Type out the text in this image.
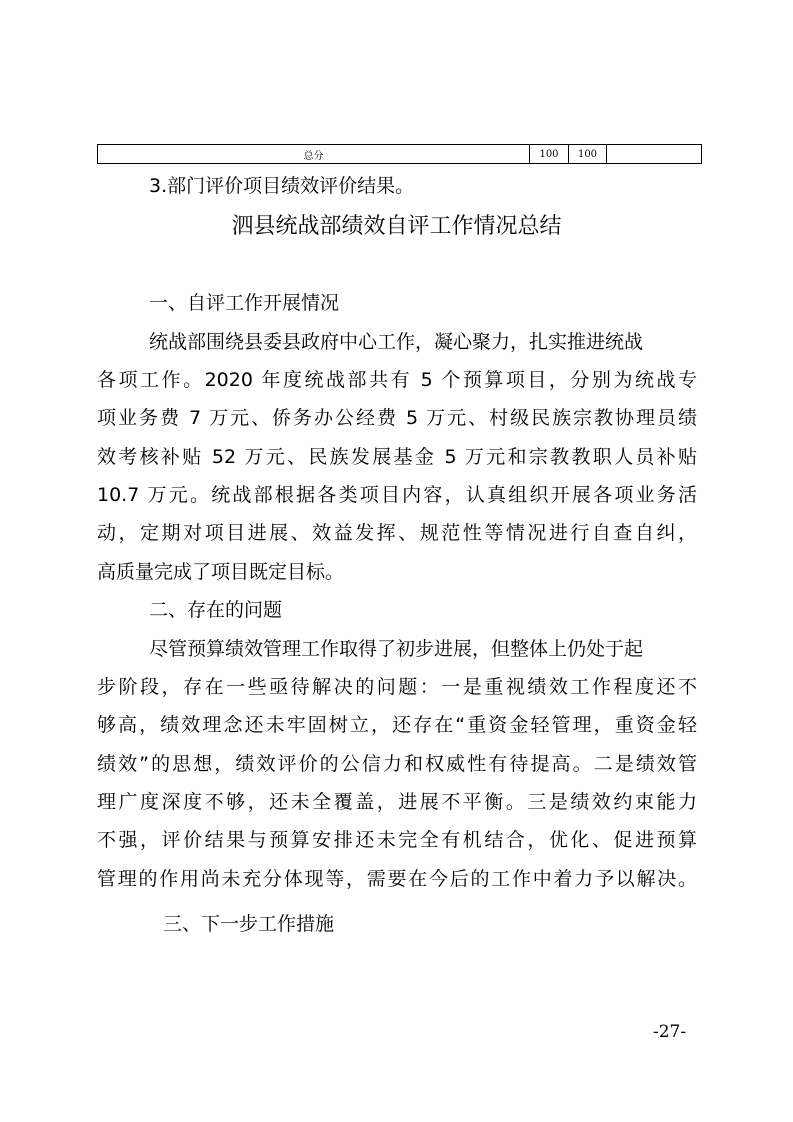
总分	100	100	
3.部门评价项目绩效评价结果。
泗县统战部绩效自评工作情况总结
一、自评工作开展情况
统战部围绕县委县政府中心工作，凝心聚力，扎实推进统战
各项工作。2020 年度统战部共有 5 个预算项目，分别为统战专
项业务费 7 万元、侨务办公经费 5 万元、村级民族宗教协理员绩
效考核补贴 52 万元、民族发展基金 5 万元和宗教教职人员补贴
10.7 万元。统战部根据各类项目内容，认真组织开展各项业务活
动，定期对项目进展、效益发挥、规范性等情况进行自查自纠，
高质量完成了项目既定目标。
二、存在的问题
尽管预算绩效管理工作取得了初步进展，但整体上仍处于起
步阶段，存在一些亟待解决的问题：一是重视绩效工作程度还不
够高，绩效理念还未牢固树立，还存在“重资金轻管理，重资金轻
绩效”的思想，绩效评价的公信力和权威性有待提高。二是绩效管
理广度深度不够，还未全覆盖，进展不平衡。三是绩效约束能力
不强，评价结果与预算安排还未完全有机结合，优化、促进预算
管理的作用尚未充分体现等，需要在今后的工作中着力予以解决。
三、下一步工作措施
-27-
